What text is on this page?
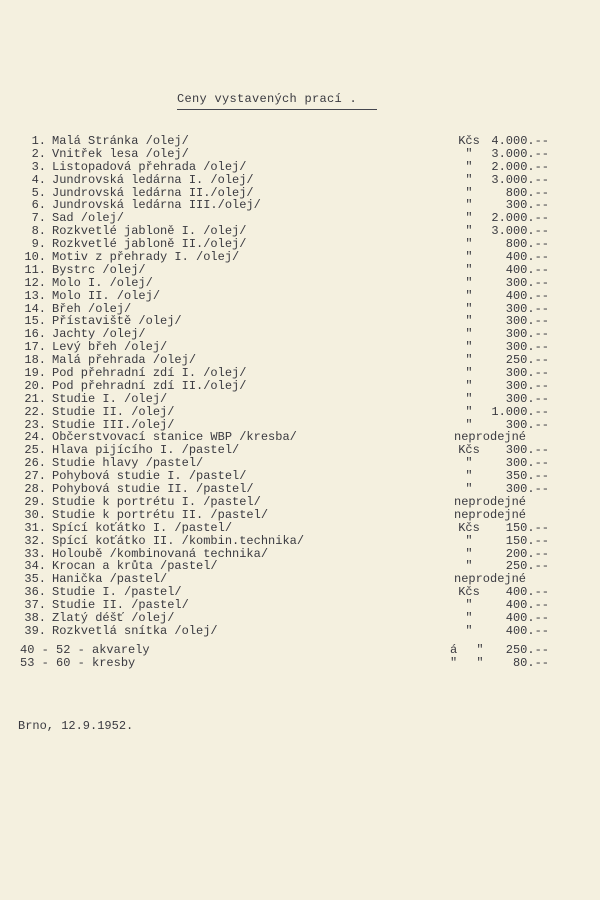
Ceny vystavených prací .
1. Malá Stránka /olej/	Kčs 4.000.--
2. Vnitřek lesa /olej/	"	3.000.--
3. Listopadová přehrada /olej/	"	2.000.--
4. Jundrovská ledárna I. /olej/	"	3.000.--
5. Jundrovská ledárna II./olej/	"	800.--
6. Jundrovská ledárna III./olej/	"	300.--
7. Sad /olej/	"	2.000.--
8. Rozkvetlé jabloně I. /olej/	"	3.000.--
9. Rozkvetlé jabloně II./olej/	"	800.--
10. Motiv z přehrady I. /olej/	"	400.--
11. Bystrc /olej/	"	400.--
12. Molo I. /olej/	"	300.--
13. Molo II. /olej/	"	400.--
14. Břeh /olej/	"	300.--
15. Přístaviště /olej/	"	300.--
16. Jachty /olej/	"	300.--
17. Levý břeh /olej/	"	300.--
18. Malá přehrada /olej/	"	250.--
19. Pod přehradní zdí I. /olej/	"	300.--
20. Pod přehradní zdí II./olej/	"	300.--
21. Studie I. /olej/	"	300.--
22. Studie II. /olej/	"	1.000.--
23. Studie III./olej/	"	300.--
24. Občerstvovací stanice WBP /kresba/	neprodejné
25. Hlava pijícího I. /pastel/	Kčs	300.--
26. Studie hlavy /pastel/	"	300.--
27. Pohybová studie I. /pastel/	"	350.--
28. Pohybová studie II. /pastel/	"	300.--
29. Studie k portrétu I. /pastel/	neprodejné
30. Studie k portrétu II. /pastel/	neprodejné
31. Spící koťátko I. /pastel/	Kčs	150.--
32. Spící koťátko II. /kombin.technika/	"	150.--
33. Holoubě /kombinovaná technika/	"	200.--
34. Krocan a krůta /pastel/	"	250.--
35. Hanička /pastel/	neprodejné
36. Studie I. /pastel/	Kčs	400.--
37. Studie II. /pastel/	"	400.--
38. Zlatý déšť /olej/	"	400.--
39. Rozkvetlá snítka /olej/	"	400.--
40 - 52 - akvarely	á "	250.--
53 - 60 - kresby	" "	80.--
Brno, 12.9.1952.
